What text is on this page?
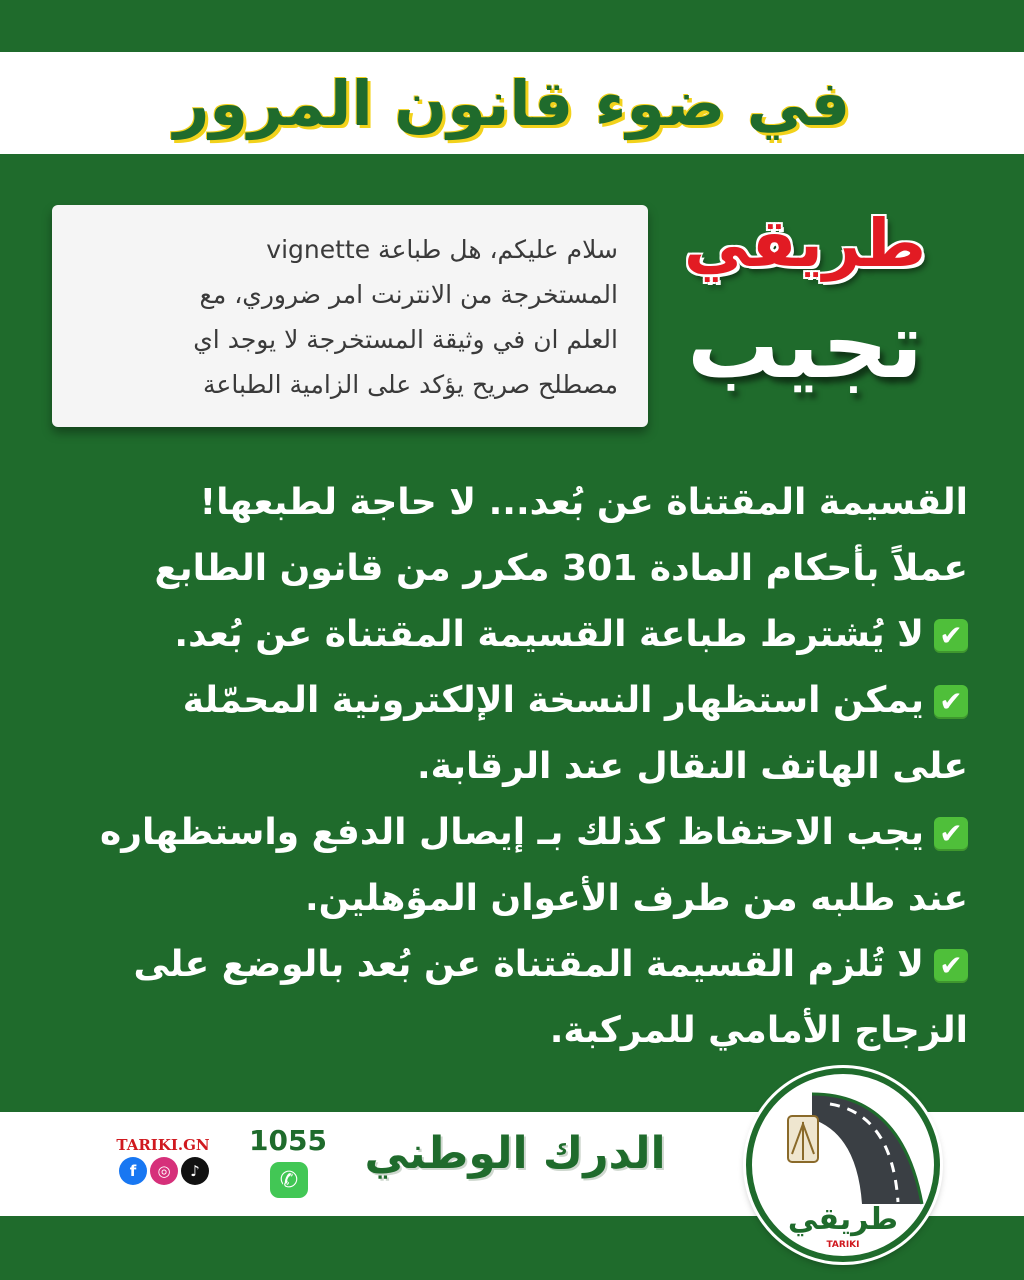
في ضوء قانون المرور
سلام عليكم، هل طباعة vignette
المستخرجة من الانترنت امر ضروري، مع
العلم ان في وثيقة المستخرجة لا يوجد اي
مصطلح صريح يؤكد على الزامية الطباعة
طريقي
تجيب
القسيمة المقتناة عن بُعد... لا حاجة لطبعها!
عملاً بأحكام المادة 301 مكرر من قانون الطابع
✔لا يُشترط طباعة القسيمة المقتناة عن بُعد.
✔يمكن استظهار النسخة الإلكترونية المحمّلة
على الهاتف النقال عند الرقابة.
✔يجب الاحتفاظ كذلك بـ إيصال الدفع واستظهاره
عند طلبه من طرف الأعوان المؤهلين.
✔لا تُلزم القسيمة المقتناة عن بُعد بالوضع على
الزجاج الأمامي للمركبة.
الدرك الوطني
1055
✆
TARIKI.GN
f	◎	♪
طريقي
TARIKI
